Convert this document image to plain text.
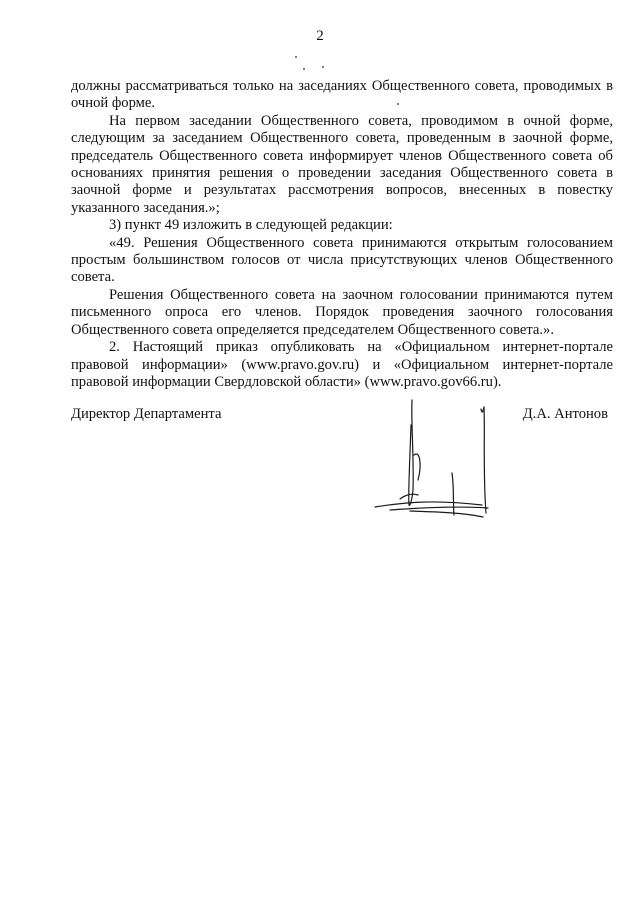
2

должны рассматриваться только на заседаниях Общественного совета, проводимых в очной форме.

На первом заседании Общественного совета, проводимом в очной форме, следующим за заседанием Общественного совета, проведенным в заочной форме, председатель Общественного совета информирует членов Общественного совета об основаниях принятия решения о проведении заседания Общественного совета в заочной форме и результатах рассмотрения вопросов, внесенных в повестку указанного заседания.»;

3) пункт 49 изложить в следующей редакции:

«49. Решения Общественного совета принимаются открытым голосованием простым большинством голосов от числа присутствующих членов Общественного совета.

Решения Общественного совета на заочном голосовании принимаются путем письменного опроса его членов. Порядок проведения заочного голосования Общественного совета определяется председателем Общественного совета.».

2. Настоящий приказ опубликовать на «Официальном интернет-портале правовой информации» (www.pravo.gov.ru) и «Официальном интернет-портале правовой информации Свердловской области» (www.pravo.gov66.ru).

Директор Департамента	Д.А. Антонов
